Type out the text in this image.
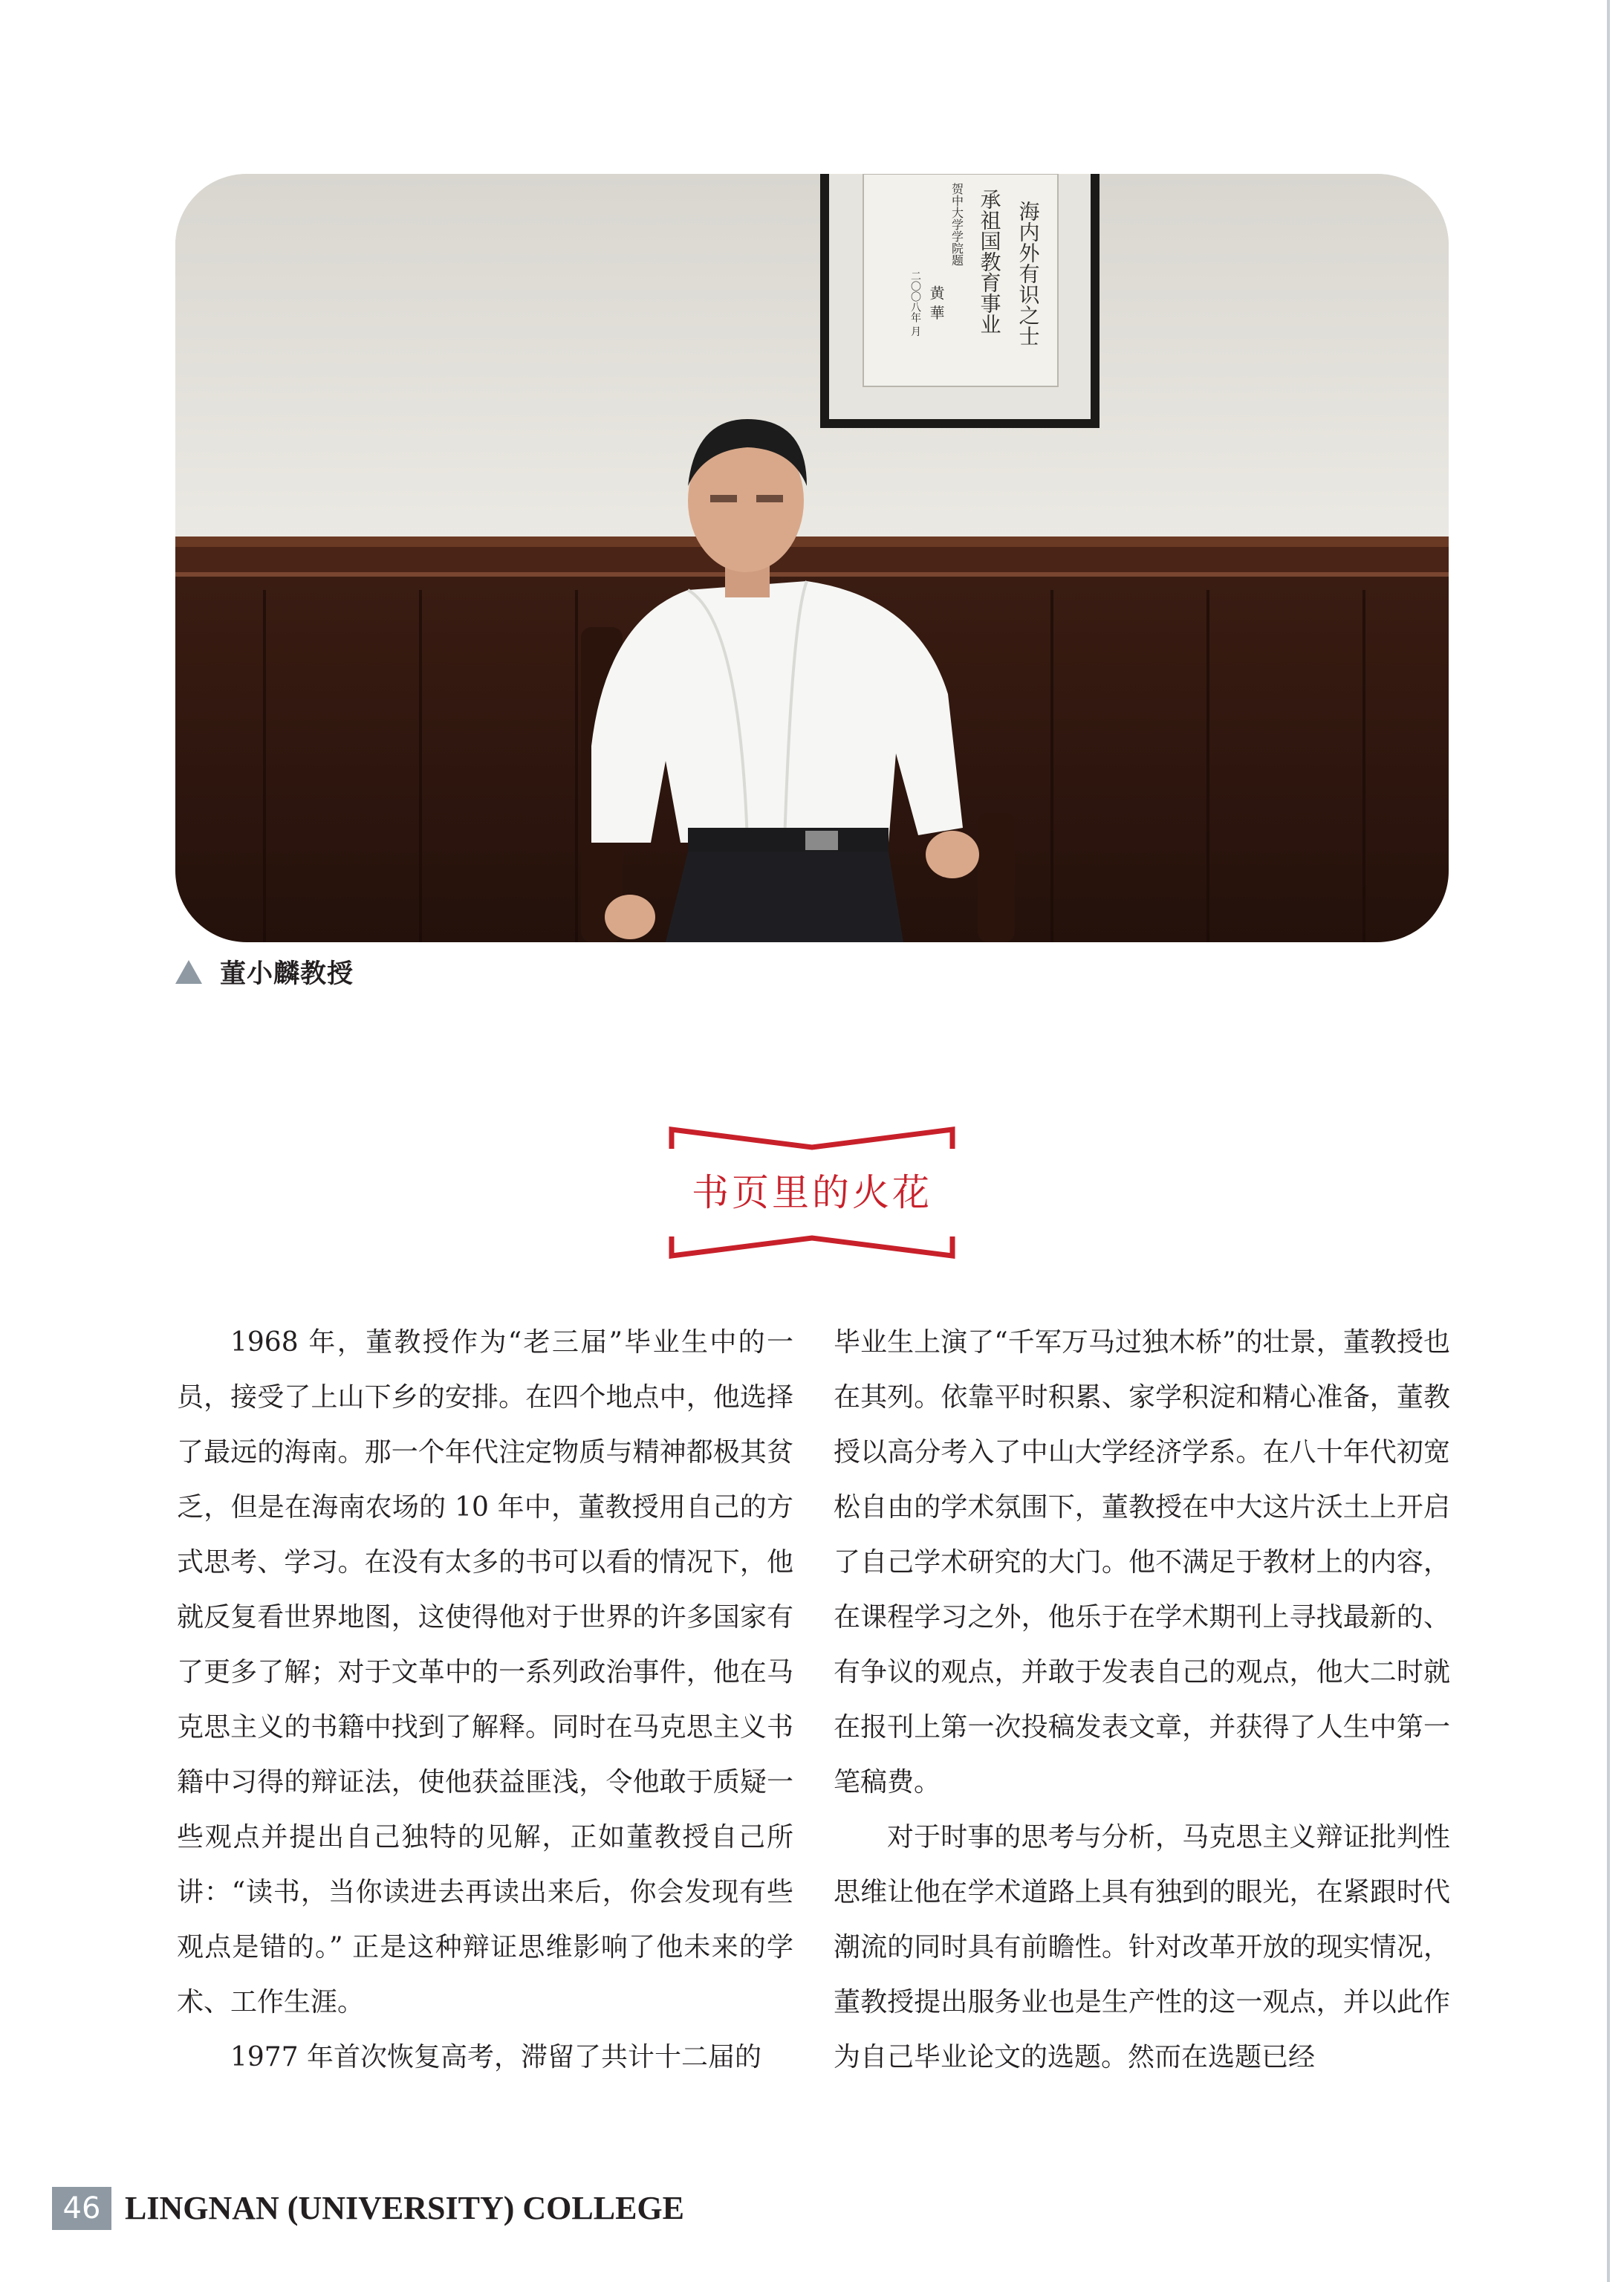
海内外有识之士
承祖国教育事业
贺中大学学院题
黄 華
二〇〇八年 月
董小麟教授
书页里的火花

1968 年，董教授作为“老三届”毕业生中的一员，接受了上山下乡的安排。在四个地点中，他选择了最远的海南。那一个年代注定物质与精神都极其贫乏，但是在海南农场的 10 年中，董教授用自己的方式思考、学习。在没有太多的书可以看的情况下，他就反复看世界地图，这使得他对于世界的许多国家有了更多了解；对于文革中的一系列政治事件，他在马克思主义的书籍中找到了解释。同时在马克思主义书籍中习得的辩证法，使他获益匪浅，令他敢于质疑一些观点并提出自己独特的见解，正如董教授自己所讲：“读书，当你读进去再读出来后，你会发现有些观点是错的。” 正是这种辩证思维影响了他未来的学术、工作生涯。

1977 年首次恢复高考，滞留了共计十二届的

毕业生上演了“千军万马过独木桥”的壮景，董教授也在其列。依靠平时积累、家学积淀和精心准备，董教授以高分考入了中山大学经济学系。在八十年代初宽松自由的学术氛围下，董教授在中大这片沃土上开启了自己学术研究的大门。他不满足于教材上的内容，在课程学习之外，他乐于在学术期刊上寻找最新的、有争议的观点，并敢于发表自己的观点，他大二时就在报刊上第一次投稿发表文章，并获得了人生中第一笔稿费。

对于时事的思考与分析，马克思主义辩证批判性思维让他在学术道路上具有独到的眼光，在紧跟时代潮流的同时具有前瞻性。针对改革开放的现实情况，董教授提出服务业也是生产性的这一观点，并以此作为自己毕业论文的选题。然而在选题已经

46 LINGNAN (UNIVERSITY) COLLEGE
